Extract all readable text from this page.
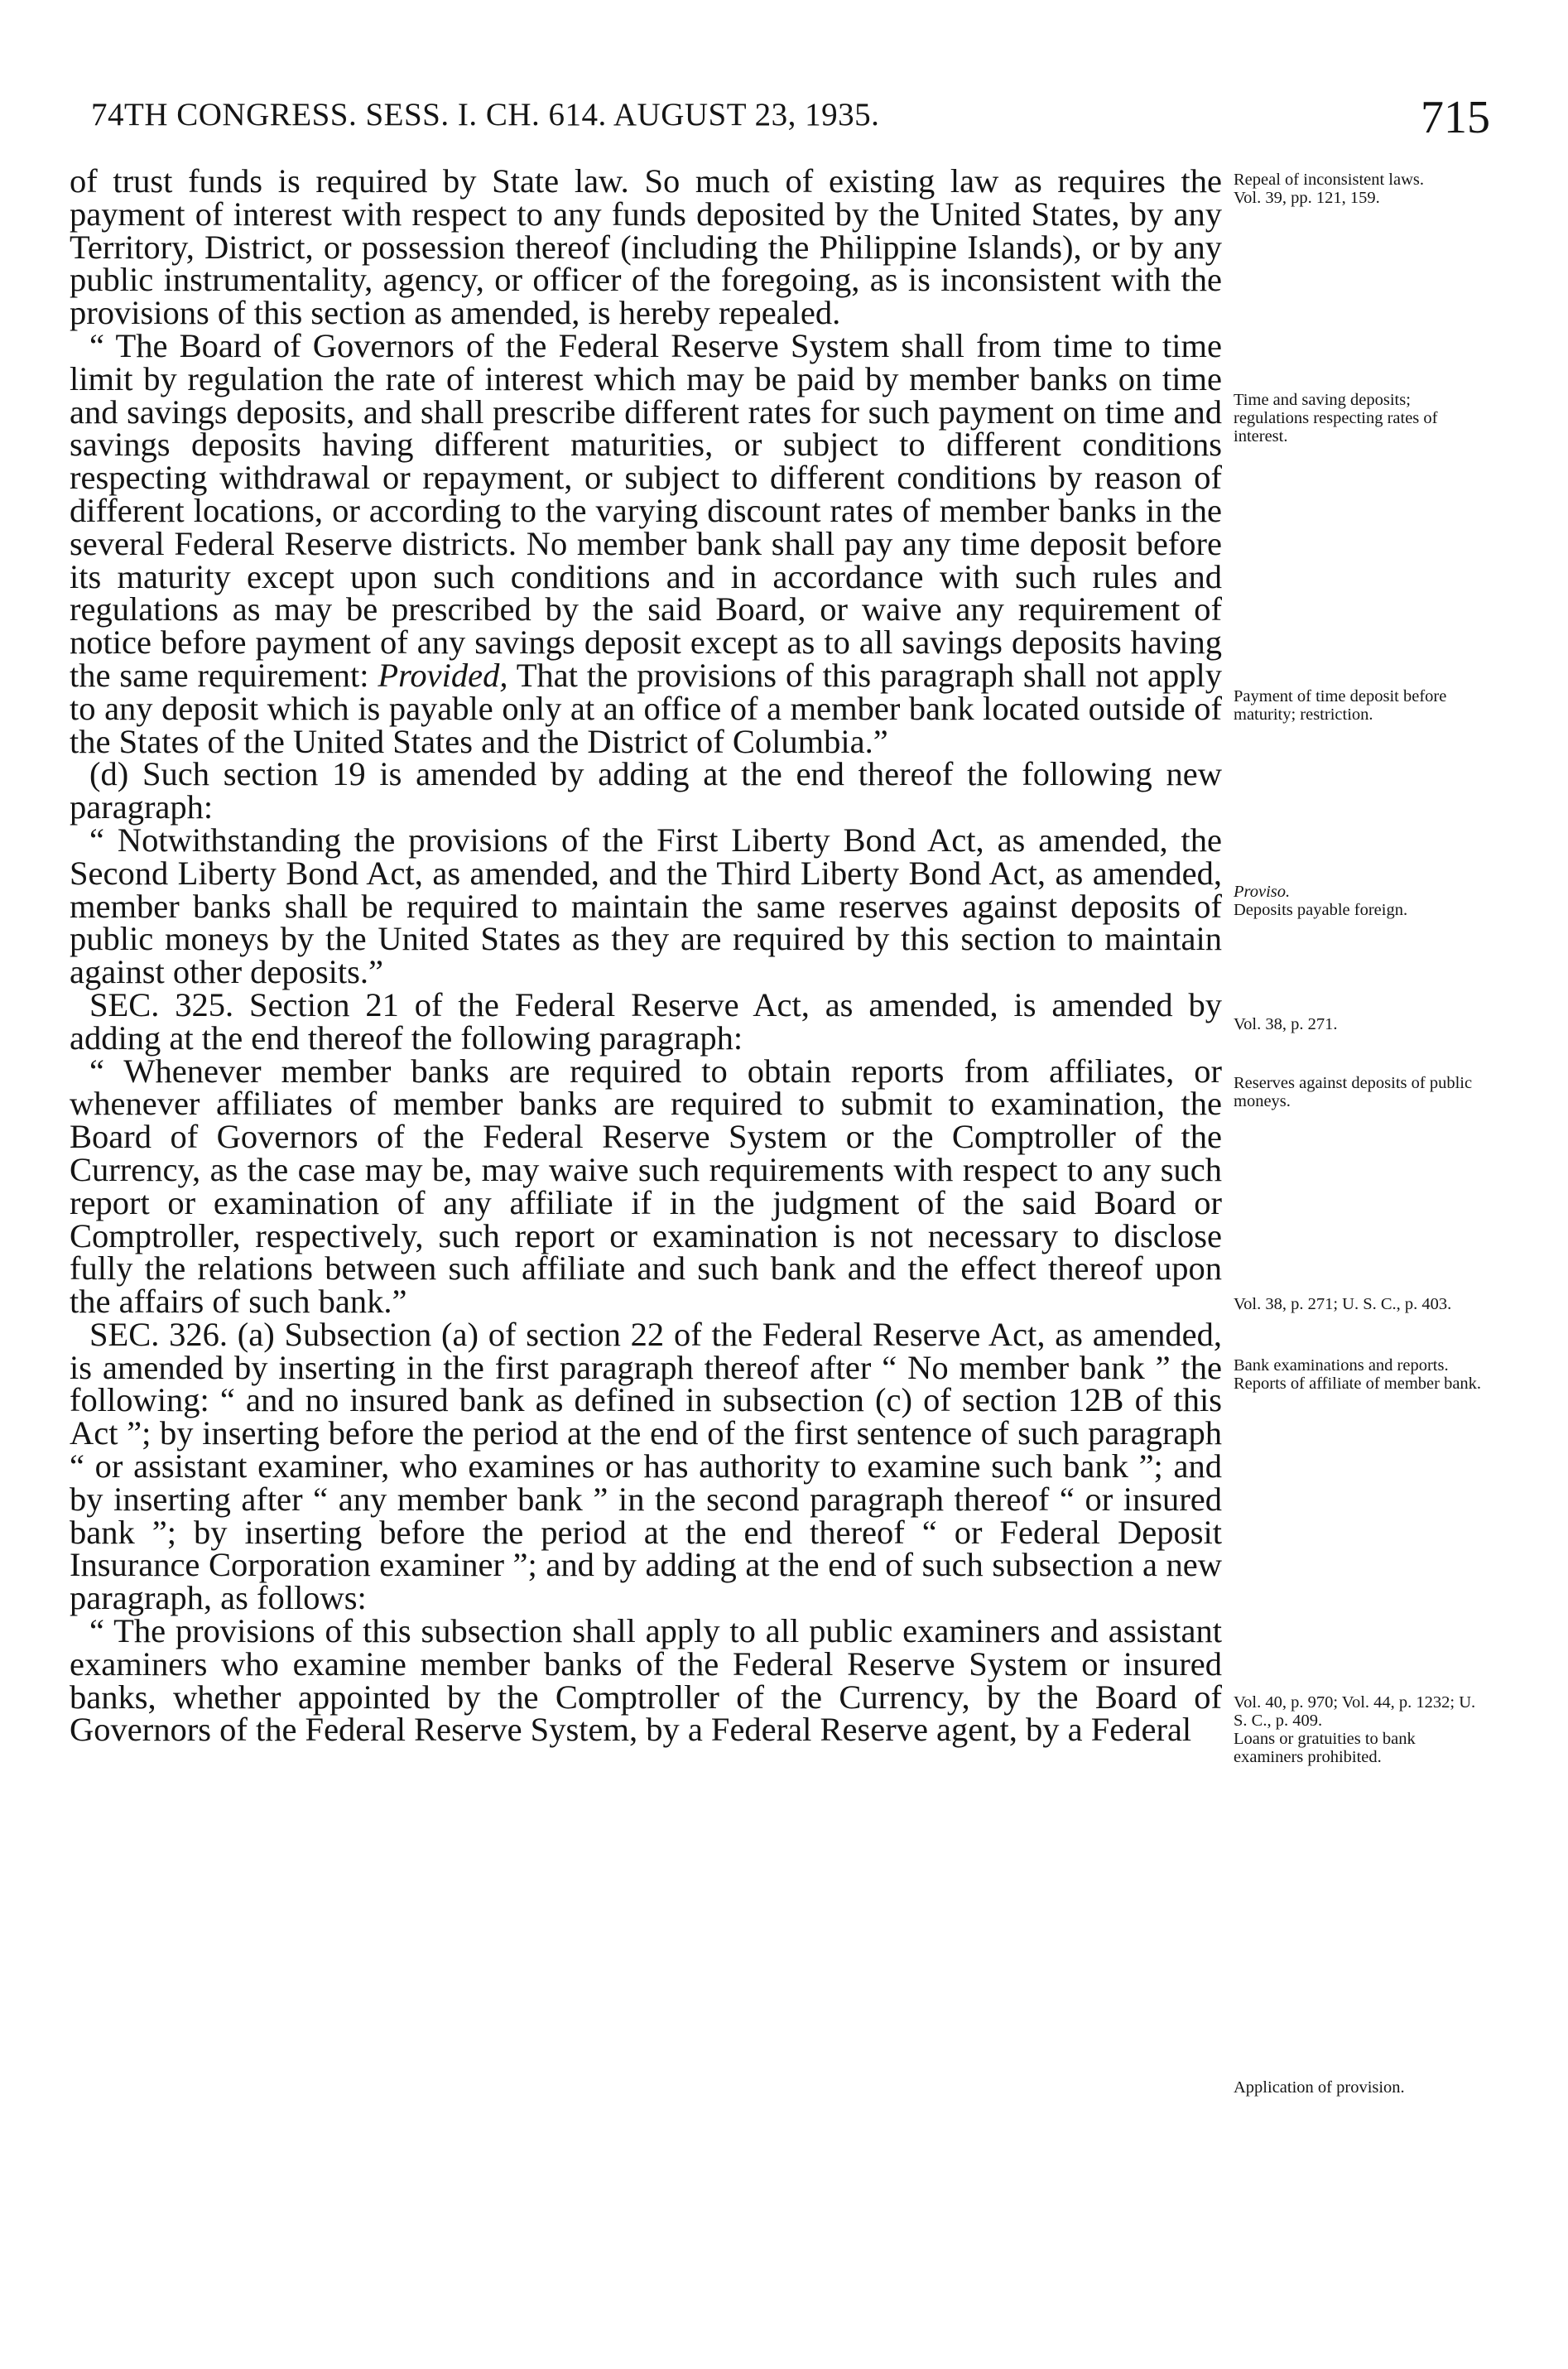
74TH CONGRESS. SESS. I. CH. 614. AUGUST 23, 1935.	715

of trust funds is required by State law. So much of existing law as requires the payment of interest with respect to any funds deposited by the United States, by any Territory, District, or possession thereof (including the Philippine Islands), or by any public instrumentality, agency, or officer of the foregoing, as is inconsistent with the provisions of this section as amended, is hereby repealed.

“ The Board of Governors of the Federal Reserve System shall from time to time limit by regulation the rate of interest which may be paid by member banks on time and savings deposits, and shall prescribe different rates for such payment on time and savings deposits having different maturities, or subject to different conditions respecting withdrawal or repayment, or subject to different conditions by reason of different locations, or according to the varying discount rates of member banks in the several Federal Reserve districts. No member bank shall pay any time deposit before its maturity except upon such conditions and in accordance with such rules and regulations as may be prescribed by the said Board, or waive any requirement of notice before payment of any savings deposit except as to all savings deposits having the same requirement: Provided, That the provisions of this paragraph shall not apply to any deposit which is payable only at an office of a member bank located outside of the States of the United States and the District of Columbia.”

(d) Such section 19 is amended by adding at the end thereof the following new paragraph:

“ Notwithstanding the provisions of the First Liberty Bond Act, as amended, the Second Liberty Bond Act, as amended, and the Third Liberty Bond Act, as amended, member banks shall be required to maintain the same reserves against deposits of public moneys by the United States as they are required by this section to maintain against other deposits.”

SEC. 325. Section 21 of the Federal Reserve Act, as amended, is amended by adding at the end thereof the following paragraph:

“ Whenever member banks are required to obtain reports from affiliates, or whenever affiliates of member banks are required to submit to examination, the Board of Governors of the Federal Reserve System or the Comptroller of the Currency, as the case may be, may waive such requirements with respect to any such report or examination of any affiliate if in the judgment of the said Board or Comptroller, respectively, such report or examination is not necessary to disclose fully the relations between such affiliate and such bank and the effect thereof upon the affairs of such bank.”

SEC. 326. (a) Subsection (a) of section 22 of the Federal Reserve Act, as amended, is amended by inserting in the first paragraph thereof after “ No member bank ” the following: “ and no insured bank as defined in subsection (c) of section 12B of this Act ”; by inserting before the period at the end of the first sentence of such paragraph “ or assistant examiner, who examines or has authority to examine such bank ”; and by inserting after “ any member bank ” in the second paragraph thereof “ or insured bank ”; by inserting before the period at the end thereof “ or Federal Deposit Insurance Corporation examiner ”; and by adding at the end of such subsection a new paragraph, as follows:

“ The provisions of this subsection shall apply to all public examiners and assistant examiners who examine member banks of the Federal Reserve System or insured banks, whether appointed by the Comptroller of the Currency, by the Board of Governors of the Federal Reserve System, by a Federal Reserve agent, by a Federal

Repeal of inconsistent laws.

Vol. 39, pp. 121, 159.

Time and saving deposits; regulations respecting rates of interest.

Payment of time deposit before maturity; restriction.

Proviso.

Deposits payable foreign.

Vol. 38, p. 271.

Reserves against deposits of public moneys.

Vol. 38, p. 271; U. S. C., p. 403.

Bank examinations and reports.

Reports of affiliate of member bank.

Vol. 40, p. 970; Vol. 44, p. 1232; U. S. C., p. 409.

Loans or gratuities to bank examiners prohibited.

Application of provision.
